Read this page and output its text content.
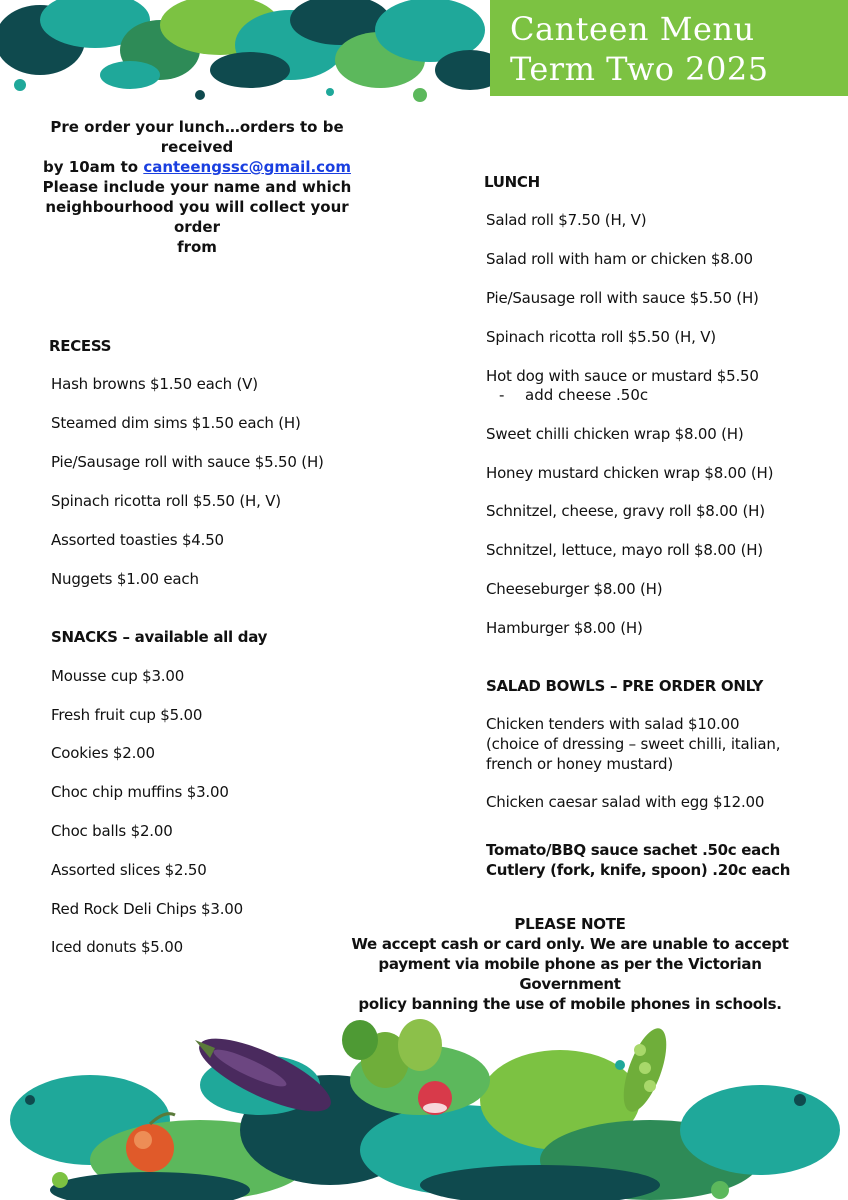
Canteen Menu
Term Two 2025
Pre order your lunch…orders to be received
by 10am to canteengssc@gmail.com
Please include your name and which
neighbourhood you will collect your order
from
RECESS
Hash browns $1.50 each (V)
Steamed dim sims $1.50 each (H)
Pie/Sausage roll with sauce $5.50 (H)
Spinach ricotta roll $5.50 (H, V)
Assorted toasties $4.50
Nuggets $1.00 each
SNACKS – available all day
Mousse cup $3.00
Fresh fruit cup $5.00
Cookies $2.00
Choc chip muffins $3.00
Choc balls $2.00
Assorted slices $2.50
Red Rock Deli Chips $3.00
Iced donuts $5.00
LUNCH
Salad roll $7.50 (H, V)
Salad roll with ham or chicken $8.00
Pie/Sausage roll with sauce $5.50 (H)
Spinach ricotta roll $5.50 (H, V)
Hot dog with sauce or mustard $5.50
- add cheese .50c
Sweet chilli chicken wrap $8.00 (H)
Honey mustard chicken wrap $8.00 (H)
Schnitzel, cheese, gravy roll $8.00 (H)
Schnitzel, lettuce, mayo roll $8.00 (H)
Cheeseburger $8.00 (H)
Hamburger $8.00 (H)
SALAD BOWLS – PRE ORDER ONLY
Chicken tenders with salad $10.00
(choice of dressing – sweet chilli, italian,
french or honey mustard)
Chicken caesar salad with egg $12.00
Tomato/BBQ sauce sachet .50c each
Cutlery (fork, knife, spoon) .20c each
PLEASE NOTE
We accept cash or card only. We are unable to accept
payment via mobile phone as per the Victorian Government
policy banning the use of mobile phones in schools.
